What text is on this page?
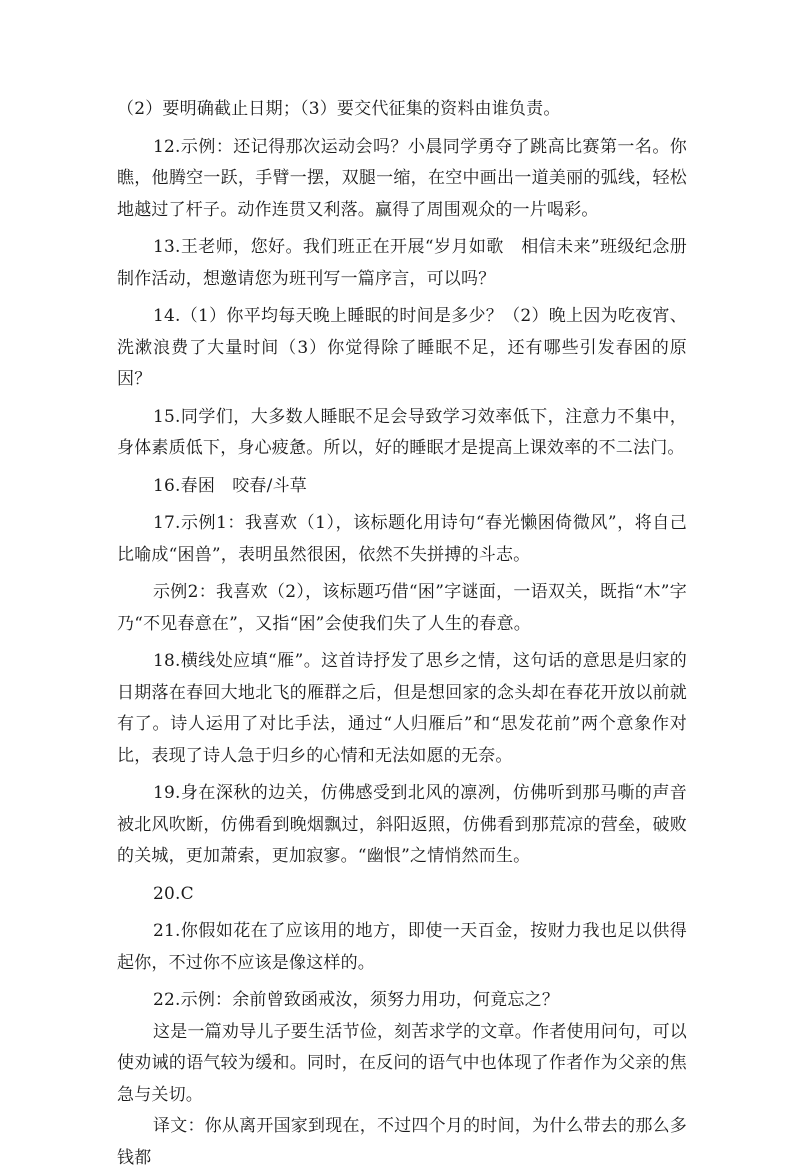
（2）要明确截止日期；（3）要交代征集的资料由谁负责。

12.示例：还记得那次运动会吗？小晨同学勇夺了跳高比赛第一名。你瞧，他腾空一跃，手臂一摆，双腿一缩，在空中画出一道美丽的弧线，轻松地越过了杆子。动作连贯又利落。赢得了周围观众的一片喝彩。

13.王老师，您好。我们班正在开展“岁月如歌　相信未来”班级纪念册制作活动，想邀请您为班刊写一篇序言，可以吗？

14.（1）你平均每天晚上睡眠的时间是多少？（2）晚上因为吃夜宵、洗漱浪费了大量时间（3）你觉得除了睡眠不足，还有哪些引发春困的原因？

15.同学们，大多数人睡眠不足会导致学习效率低下，注意力不集中，身体素质低下，身心疲惫。所以，好的睡眠才是提高上课效率的不二法门。

16.春困　咬春/斗草

17.示例1：我喜欢（1），该标题化用诗句“春光懒困倚微风”，将自己比喻成“困兽”，表明虽然很困，依然不失拼搏的斗志。

示例2：我喜欢（2），该标题巧借“困”字谜面，一语双关，既指“木”字乃“不见春意在”，又指“困”会使我们失了人生的春意。

18.横线处应填“雁”。这首诗抒发了思乡之情，这句话的意思是归家的日期落在春回大地北飞的雁群之后，但是想回家的念头却在春花开放以前就有了。诗人运用了对比手法，通过“人归雁后”和“思发花前”两个意象作对比，表现了诗人急于归乡的心情和无法如愿的无奈。

19.身在深秋的边关，仿佛感受到北风的凛冽，仿佛听到那马嘶的声音被北风吹断，仿佛看到晚烟飘过，斜阳返照，仿佛看到那荒凉的营垒，破败的关城，更加萧索，更加寂寥。“幽恨”之情悄然而生。

20.C

21.你假如花在了应该用的地方，即使一天百金，按财力我也足以供得起你，不过你不应该是像这样的。

22.示例：余前曾致函戒汝，须努力用功，何竟忘之？

这是一篇劝导儿子要生活节俭，刻苦求学的文章。作者使用问句，可以使劝诫的语气较为缓和。同时，在反问的语气中也体现了作者作为父亲的焦急与关切。

译文：你从离开国家到现在，不过四个月的时间，为什么带去的那么多钱都
